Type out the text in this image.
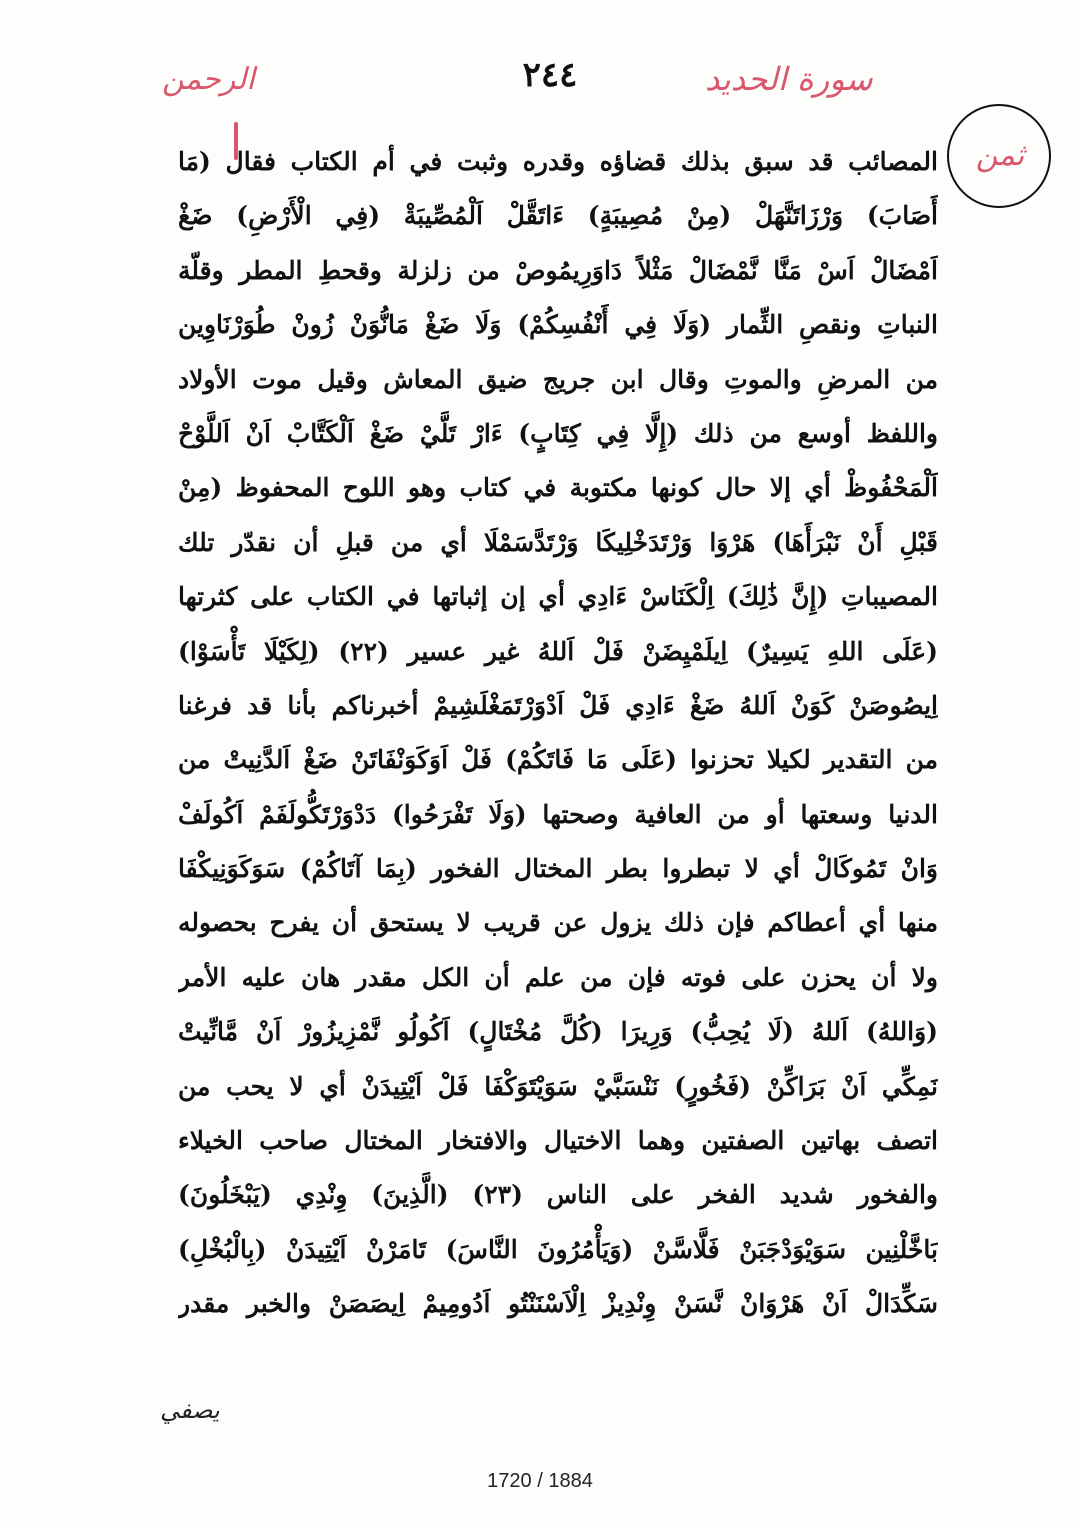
الرحمن	٢٤٤	سورة الحديد
ثمن
المصائب قد سبق بذلك قضاؤه وقدره وثبت في أم الكتاب فقال (مَا
أَصَابَ) وَرْزَاتَنَّهَلْ (مِنْ مُصِيبَةٍ) ءَاتَقَّلْ اَلْمُصِّيبَةْ (فِي الْأَرْضِ) ضَغْ
اَمْضَالْ اَسْ مَنَّا نَّمْضَالْ مَثْلاً دَاوَرِيمُوصْ من زلزلة وقحطِ المطر وقلّة
النباتِ ونقصِ الثِّمار (وَلَا فِي أَنْفُسِكُمْ) وَلَا ضَغْ مَانُّوَنْ زُونْ طُوَرْنَاوِين
من المرضِ والموتِ وقال ابن جريج ضيق المعاش وقيل موت الأولاد
واللفظ أوسع من ذلك (إِلَّا فِي كِتَابٍ) ءَارْ تَلَّيْ ضَغْ اَلْكَتَّابْ اَنْ اَللَّوْحْ
اَلْمَحْفُوظْ أي إلا حال كونها مكتوبة في كتاب وهو اللوح المحفوظ (مِنْ
قَبْلِ أَنْ نَبْرَأَهَا) هَرْوَا وَرْتَدَخْلِيكَا وَرْتَدَّسَمْلَا أي من قبلِ أن نقدّر تلك
المصيباتِ (إِنَّ ذَٰلِكَ) اِلْكَنَاسْ ءَادِي أي إن إثباتها في الكتاب على كثرتها
(عَلَى اللهِ يَسِيرٌ) اِيلَمْيِضَنْ فَلْ اَللهُ غير عسير (٢٢) (لِكَيْلَا تَأْسَوْا)
اِيصُوصَنْ كَوَنْ اَللهُ ضَغْ ءَادِي فَلْ اَدْوَرْتَمَغْلَشِيمْ أخبرناكم بأنا قد فرغنا
من التقدير لكيلا تحزنوا (عَلَى مَا فَاتَكُمْ) فَلْ اَوَكَوَنْفَاتَنْ ضَغْ اَلدَّنِيتْ من
الدنيا وسعتها أو من العافية وصحتها (وَلَا تَفْرَحُوا) دَدْوَرْتَكُّولَفَمْ اَكُولَفْ
وَانْ تَمُوكَالْ أي لا تبطروا بطر المختال الفخور (بِمَا آتَاكُمْ) سَوَكَوَنِيكْفَا
منها أي أعطاكم فإن ذلك يزول عن قريب لا يستحق أن يفرح بحصوله
ولا أن يحزن على فوته فإن من علم أن الكل مقدر هان عليه الأمر
(وَاللهُ) اَللهُ (لَا يُحِبُّ) وَرِيرَا (كُلَّ مُخْتَالٍ) اَكُولُو نَّمْزِيزُورْ اَنْ مَّانِّيتْ
نَمِكِّي اَنْ بَرَاكِّنْ (فَخُورٍ) نَنْسَبَّيْ سَوَيْتَوَكْفَا فَلْ اَيْتِيدَنْ أي لا يحب من
اتصف بهاتين الصفتين وهما الاختيال والافتخار المختال صاحب الخيلاء
والفخور شديد الفخر على الناس (٢٣) (الَّذِينَ) وِنْدِي (يَبْخَلُونَ)
بَاخَّلْنِين سَوَيْوَدْجَبَنْ فَلَّاسَّنْ (وَيَأْمُرُونَ النَّاسَ) تَامَرْنْ اَيْتِيدَنْ (بِالْبُخْلِ)
سَكِّدَالْ اَنْ هَرْوَانْ نَّسَنْ وِنْدِيزْ اِلْاَسْنَنْتُو اَدُومِيمْ اِيصَصَنْ والخبر مقدر
يصفي
1720 / 1884
